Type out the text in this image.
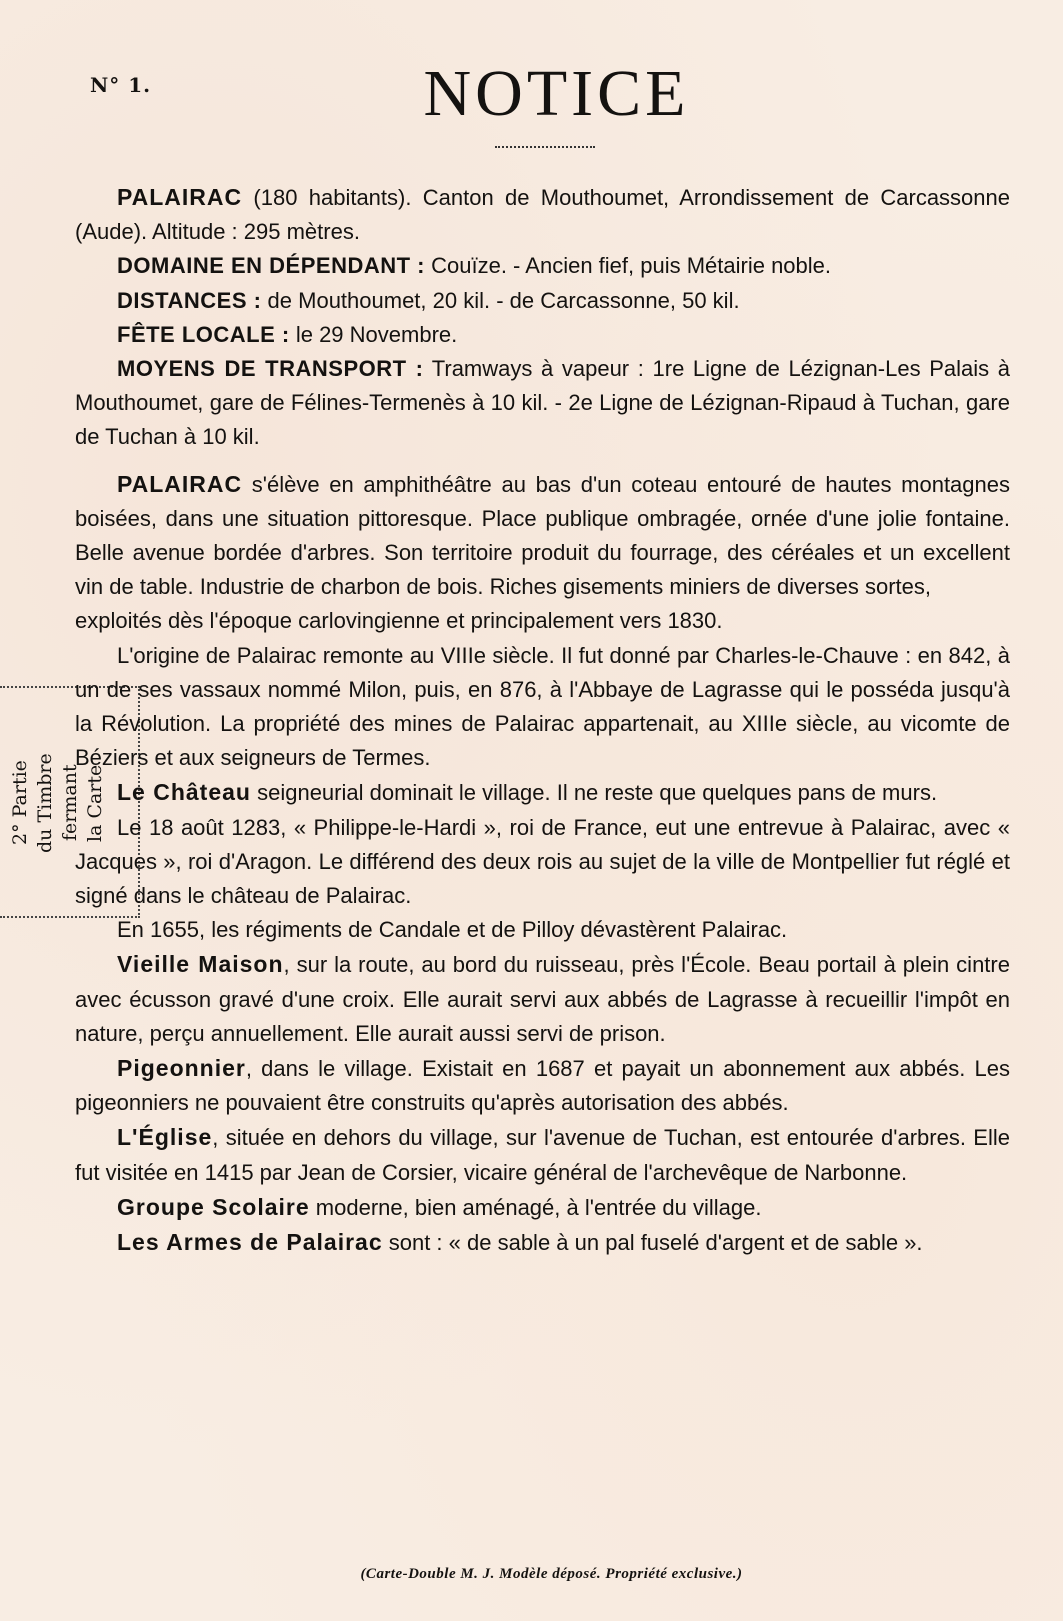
N° 1.	NOTICE
2° Partie du Timbre fermant la Carte

PALAIRAC (180 habitants). Canton de Mouthoumet, Arrondissement de Carcassonne (Aude). Altitude : 295 mètres.

DOMAINE EN DÉPENDANT : Couïze. - Ancien fief, puis Métairie noble.

DISTANCES : de Mouthoumet, 20 kil. - de Carcassonne, 50 kil.

FÊTE LOCALE : le 29 Novembre.

MOYENS DE TRANSPORT : Tramways à vapeur : 1re Ligne de Lézignan-Les Palais à Mouthoumet, gare de Félines-Termenès à 10 kil. - 2e Ligne de Lézignan-Ripaud à Tuchan, gare de Tuchan à 10 kil.

PALAIRAC s'élève en amphithéâtre au bas d'un coteau entouré de hautes montagnes boisées, dans une situation pittoresque. Place publique ombragée, ornée d'une jolie fontaine. Belle avenue bordée d'arbres. Son territoire produit du fourrage, des céréales et un excellent vin de table. Industrie de charbon de bois. Riches gisements miniers de diverses sortes,

exploités dès l'époque carlovingienne et principalement vers 1830.

L'origine de Palairac remonte au VIIIe siècle. Il fut donné par Charles-le-Chauve : en 842, à un de ses vassaux nommé Milon, puis, en 876, à l'Abbaye de Lagrasse qui le posséda jusqu'à la Révolution. La propriété des mines de Palairac appartenait, au XIIIe siècle, au vicomte de Béziers et aux seigneurs de Termes.

Le Château seigneurial dominait le village. Il ne reste que quelques pans de murs.

Le 18 août 1283, « Philippe-le-Hardi », roi de France, eut une entrevue à Palairac, avec « Jacques », roi d'Aragon. Le différend des deux rois au sujet de la ville de Montpellier fut réglé et signé dans le château de Palairac.

En 1655, les régiments de Candale et de Pilloy dévastèrent Palairac.

Vieille Maison, sur la route, au bord du ruisseau, près l'École. Beau portail à plein cintre avec écusson gravé d'une croix. Elle aurait servi aux abbés de Lagrasse à recueillir l'impôt en nature, perçu annuellement. Elle aurait aussi servi de prison.

Pigeonnier, dans le village. Existait en 1687 et payait un abonnement aux abbés. Les pigeonniers ne pouvaient être construits qu'après autorisation des abbés.

L'Église, située en dehors du village, sur l'avenue de Tuchan, est entourée d'arbres. Elle fut visitée en 1415 par Jean de Corsier, vicaire général de l'archevêque de Narbonne.

Groupe Scolaire moderne, bien aménagé, à l'entrée du village.

Les Armes de Palairac sont : « de sable à un pal fuselé d'argent et de sable ».

(Carte-Double M. J. Modèle déposé. Propriété exclusive.)
